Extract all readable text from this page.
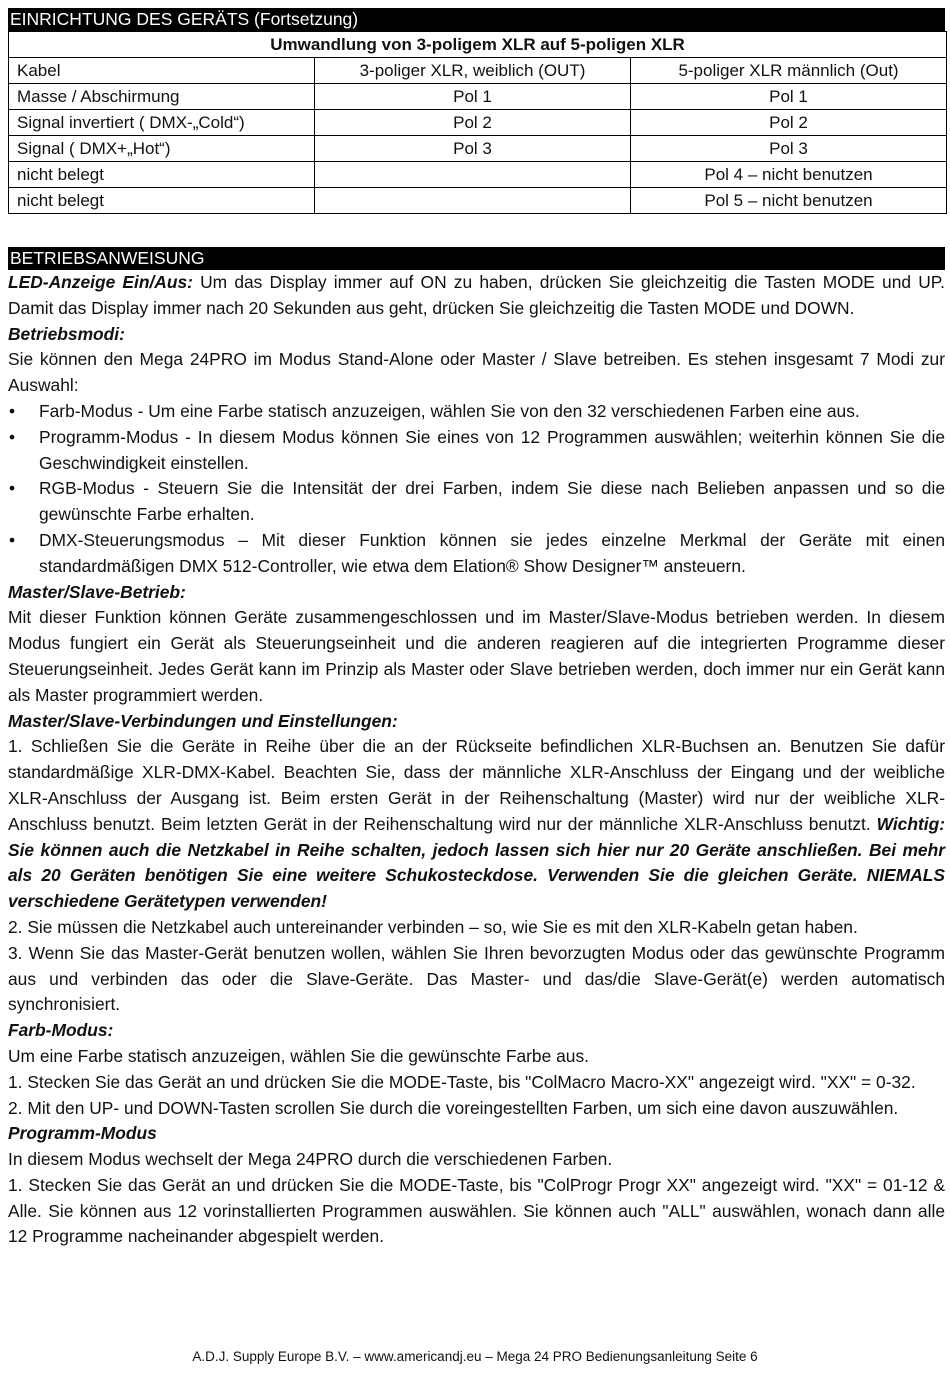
EINRICHTUNG DES GERÄTS (Fortsetzung)
Umwandlung von 3-poligem XLR auf 5-poligen XLR		
Kabel	3-poliger XLR, weiblich (OUT)	5-poliger XLR männlich (Out)
Masse / Abschirmung	Pol 1	Pol 1
Signal invertiert ( DMX-„Cold“)	Pol 2	Pol 2
Signal ( DMX+„Hot“)	Pol 3	Pol 3
nicht belegt		Pol 4 – nicht benutzen
nicht belegt		Pol 5 – nicht benutzen
BETRIEBSANWEISUNG

LED-Anzeige Ein/Aus: Um das Display immer auf ON zu haben, drücken Sie gleichzeitig die Tasten MODE und UP. Damit das Display immer nach 20 Sekunden aus geht, drücken Sie gleichzeitig die Tasten MODE und DOWN.

Betriebsmodi:

Sie können den Mega 24PRO im Modus Stand-Alone oder Master / Slave betreiben. Es stehen insgesamt 7 Modi zur Auswahl:

• Farb-Modus - Um eine Farbe statisch anzuzeigen, wählen Sie von den 32 verschiedenen Farben eine aus.
• Programm-Modus - In diesem Modus können Sie eines von 12 Programmen auswählen; weiterhin können Sie die Geschwindigkeit einstellen.
• RGB-Modus - Steuern Sie die Intensität der drei Farben, indem Sie diese nach Belieben anpassen und so die gewünschte Farbe erhalten.
• DMX-Steuerungsmodus – Mit dieser Funktion können sie jedes einzelne Merkmal der Geräte mit einen standardmäßigen DMX 512-Controller, wie etwa dem Elation® Show Designer™ ansteuern.

Master/Slave-Betrieb:

Mit dieser Funktion können Geräte zusammengeschlossen und im Master/Slave-Modus betrieben werden. In diesem Modus fungiert ein Gerät als Steuerungseinheit und die anderen reagieren auf die integrierten Programme dieser Steuerungseinheit. Jedes Gerät kann im Prinzip als Master oder Slave betrieben werden, doch immer nur ein Gerät kann als Master programmiert werden.

Master/Slave-Verbindungen und Einstellungen:

1. Schließen Sie die Geräte in Reihe über die an der Rückseite befindlichen XLR-Buchsen an. Benutzen Sie dafür standardmäßige XLR-DMX-Kabel. Beachten Sie, dass der männliche XLR-Anschluss der Eingang und der weibliche XLR-Anschluss der Ausgang ist. Beim ersten Gerät in der Reihenschaltung (Master) wird nur der weibliche XLR-Anschluss benutzt. Beim letzten Gerät in der Reihenschaltung wird nur der männliche XLR-Anschluss benutzt. Wichtig: Sie können auch die Netzkabel in Reihe schalten, jedoch lassen sich hier nur 20 Geräte anschließen. Bei mehr als 20 Geräten benötigen Sie eine weitere Schukosteckdose. Verwenden Sie die gleichen Geräte. NIEMALS verschiedene Gerätetypen verwenden!

2. Sie müssen die Netzkabel auch untereinander verbinden – so, wie Sie es mit den XLR-Kabeln getan haben.

3. Wenn Sie das Master-Gerät benutzen wollen, wählen Sie Ihren bevorzugten Modus oder das gewünschte Programm aus und verbinden das oder die Slave-Geräte. Das Master- und das/die Slave-Gerät(e) werden automatisch synchronisiert.

Farb-Modus:

Um eine Farbe statisch anzuzeigen, wählen Sie die gewünschte Farbe aus.

1. Stecken Sie das Gerät an und drücken Sie die MODE-Taste, bis "ColMacro Macro-XX" angezeigt wird. "XX" = 0-32.

2. Mit den UP- und DOWN-Tasten scrollen Sie durch die voreingestellten Farben, um sich eine davon auszuwählen.

Programm-Modus

In diesem Modus wechselt der Mega 24PRO durch die verschiedenen Farben.

1. Stecken Sie das Gerät an und drücken Sie die MODE-Taste, bis "ColProgr Progr XX" angezeigt wird. "XX" = 01-12 & Alle. Sie können aus 12 vorinstallierten Programmen auswählen. Sie können auch "ALL" auswählen, wonach dann alle 12 Programme nacheinander abgespielt werden.

A.D.J. Supply Europe B.V. – www.americandj.eu – Mega 24 PRO Bedienungsanleitung Seite 6
